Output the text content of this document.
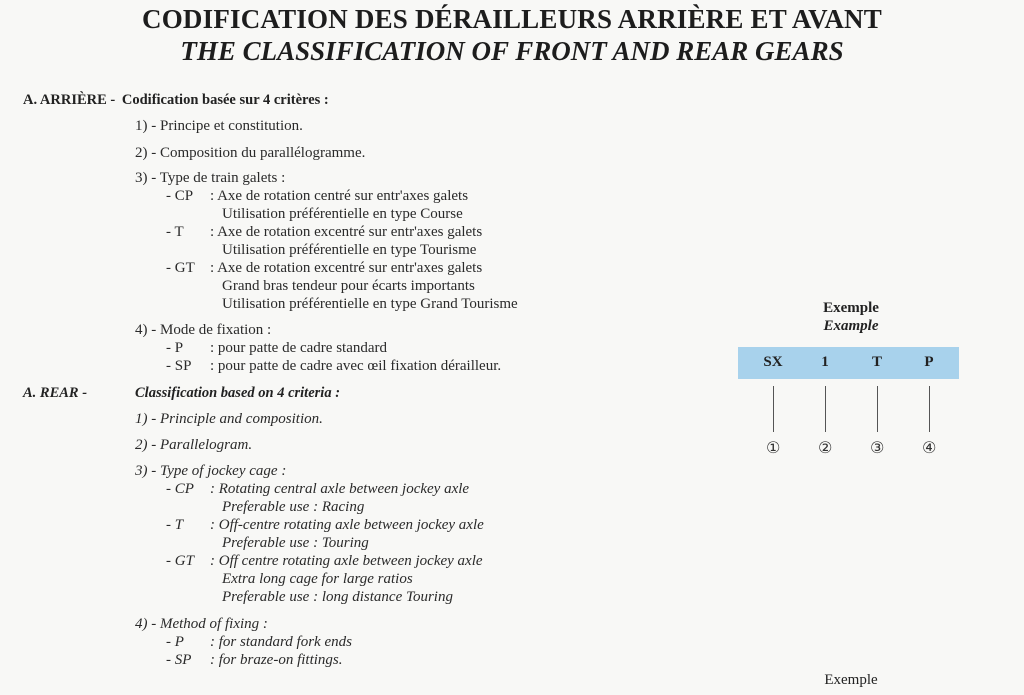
CODIFICATION DES DÉRAILLEURS ARRIÈRE ET AVANT
THE CLASSIFICATION OF FRONT AND REAR GEARS
A. ARRIÈRE - Codification basée sur 4 critères :
1) - Principe et constitution.
2) - Composition du parallélogramme.
3) - Type de train galets :
- CP : Axe de rotation centré sur entr'axes galets
Utilisation préférentielle en type Course
- T : Axe de rotation excentré sur entr'axes galets
Utilisation préférentielle en type Tourisme
- GT : Axe de rotation excentré sur entr'axes galets
Grand bras tendeur pour écarts importants
Utilisation préférentielle en type Grand Tourisme
4) - Mode de fixation :
- P : pour patte de cadre standard
- SP : pour patte de cadre avec œil fixation dérailleur.
A. REAR -	Classification based on 4 criteria :
1) - Principle and composition.
2) - Parallelogram.
3) - Type of jockey cage :
- CP : Rotating central axle between jockey axle
Preferable use : Racing
- T : Off-centre rotating axle between jockey axle
Preferable use : Touring
- GT : Off centre rotating axle between jockey axle
Extra long cage for large ratios
Preferable use : long distance Touring
4) - Method of fixing :
- P : for standard fork ends
- SP : for braze-on fittings.
Exemple
Example
SX	1	T	P
① ② ③ ④
Exemple
